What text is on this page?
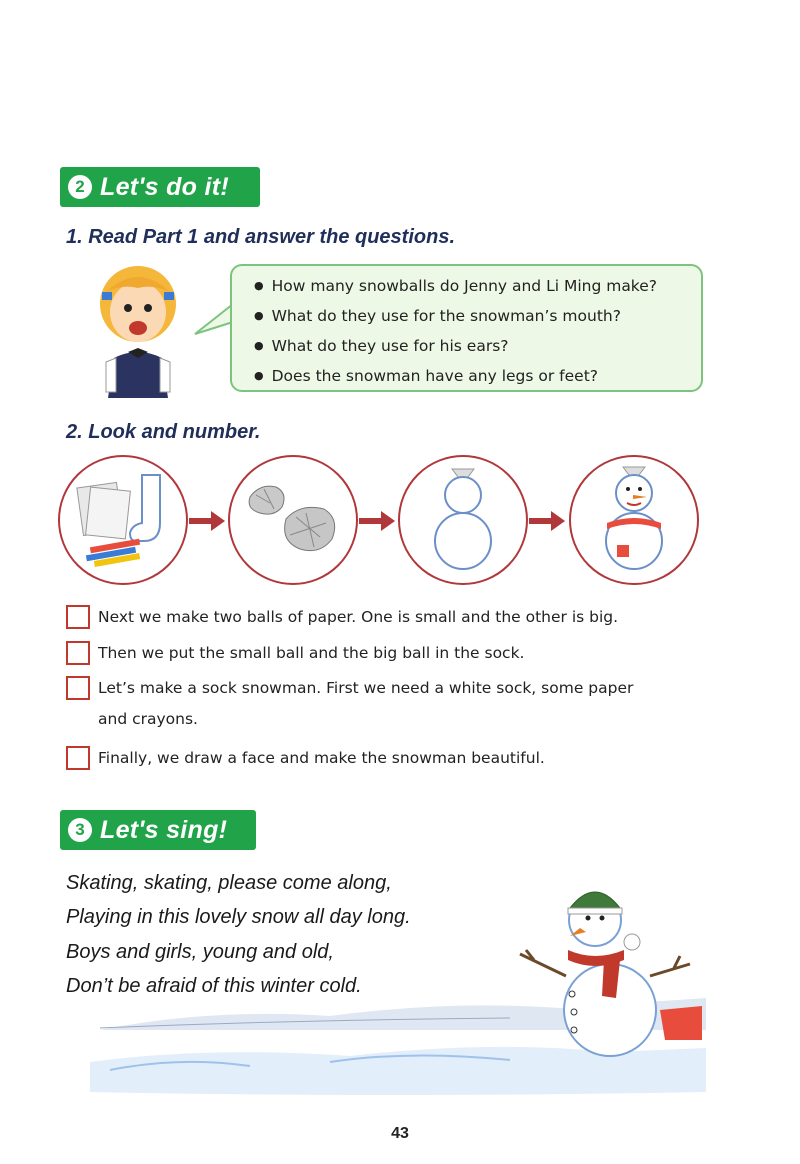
2 Let's do it!
1. Read Part 1 and answer the questions.
● How many snowballs do Jenny and Li Ming make?
● What do they use for the snowman’s mouth?
● What do they use for his ears?
● Does the snowman have any legs or feet?
2. Look and number.
Next we make two balls of paper. One is small and the other is big.
Then we put the small ball and the big ball in the sock.
Let’s make a sock snowman. First we need a white sock, some paper
and crayons.
Finally, we draw a face and make the snowman beautiful.
3 Let's sing!
Skating, skating, please come along,
Playing in this lovely snow all day long.
Boys and girls, young and old,
Don’t be afraid of this winter cold.
43
